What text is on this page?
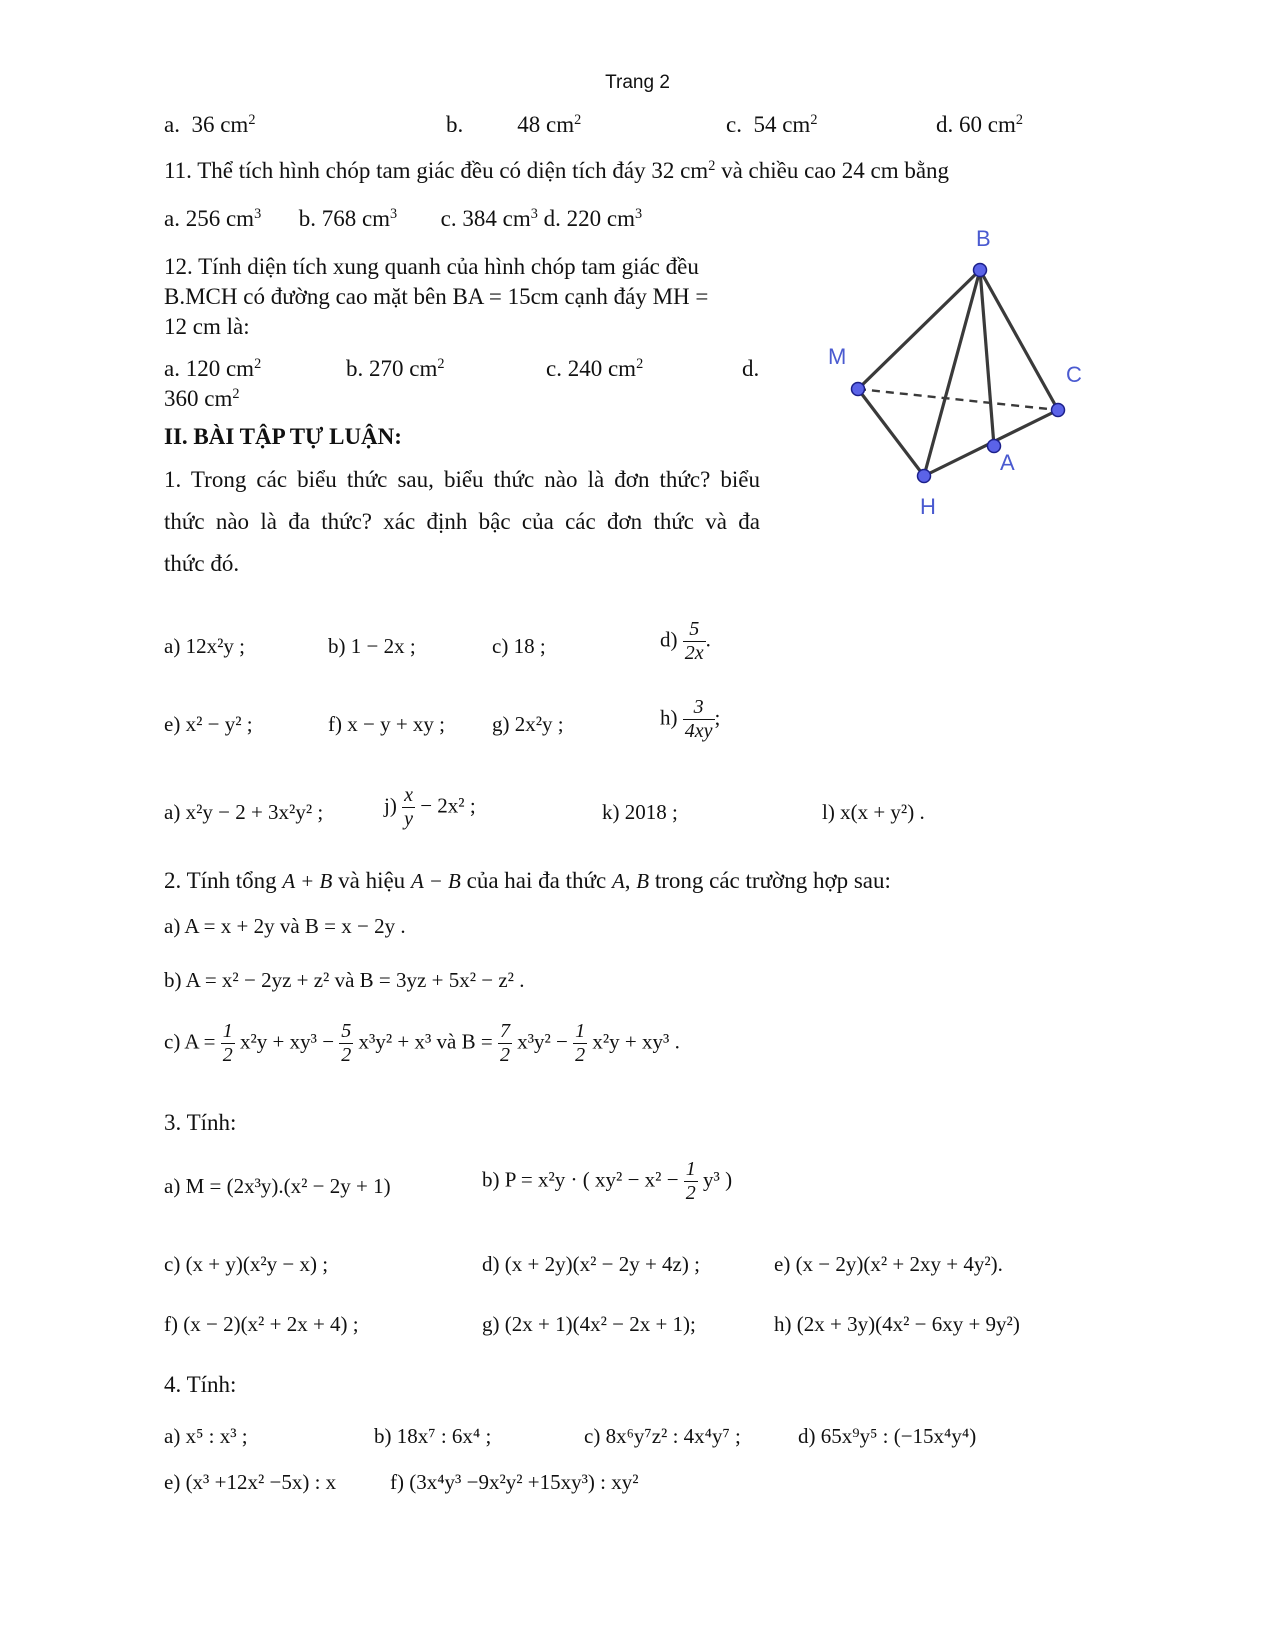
Trang 2
a. 36 $cm^2$	b. 48 $cm^2$	c. 54 $cm^2$	d. 60 $cm^2$
11. Thể tích hình chóp tam giác đều có diện tích đáy 32 $cm^2$ và chiều cao 24 cm bằng
a. 256 $cm^3$ b. 768 $cm^3$ c. 384 $cm^3$ d. 220 $cm^3$
12. Tính diện tích xung quanh của hình chóp tam giác đều
B.MCH có đường cao mặt bên BA = 15cm cạnh đáy MH =
12 cm là:
a. 120 $cm^2$	b. 270 $cm^2$	c. 240 $cm^2$	d.
360 $cm^2$
B
M
C
A
H
II. BÀI TẬP TỰ LUẬN:
1. Trong các biểu thức sau, biểu thức nào là đơn thức? biểu
thức nào là đa thức? xác định bậc của các đơn thức và đa
thức đó.
a) 12x²y ;	b) 1 − 2x ;	c) 18 ;	$d) \frac{5}{2x}$ .
e) x² − y² ;	f) x − y + xy ; g) 2x²y ;	$h) \frac{3}{4xy}$ ;
a) x²y − 2 + 3x²y² ;	$j) \frac{x}{y} - 2x^2$ ;	k) 2018 ;	l) x(x + y²) .
2. Tính tổng A + B và hiệu A − B của hai đa thức A, B trong các trường hợp sau:
a) A = x + 2y và B = x − 2y .
b) A = x² − 2yz + z² và B = 3yz + 5x² − z² .
c) $A = \frac{1}{2} x^2y + xy^3 - \frac{5}{2} x^3y^2 + x^3$ và $B = \frac{7}{2} x^3y^2 - \frac{1}{2} x^2y + xy^3$ .
3. Tính:
a) M = (2x³y).(x² − 2y + 1)	b) P = x²y · ( $xy^2 - x^2 - \frac{1}{2} y^3$ )
c) (x + y)(x²y − x) ;	d) (x + 2y)(x² − 2y + 4z) ;	e) (x − 2y)(x² + 2xy + 4y²).
f) (x − 2)(x² + 2x + 4) ;	g) (2x + 1)(4x² − 2x + 1);	h) (2x + 3y)(4x² − 6xy + 9y²)
4. Tính:
a) x⁵ : x³ ;	b) 18x⁷ : 6x⁴ ;	c) 8x⁶y⁷z² : 4x⁴y⁷ ;	d) 65x⁹y⁵ : (−15x⁴y⁴)
e) (x³ +12x² −5x) : x	f) (3x⁴y³ −9x²y² +15xy³) : xy²
